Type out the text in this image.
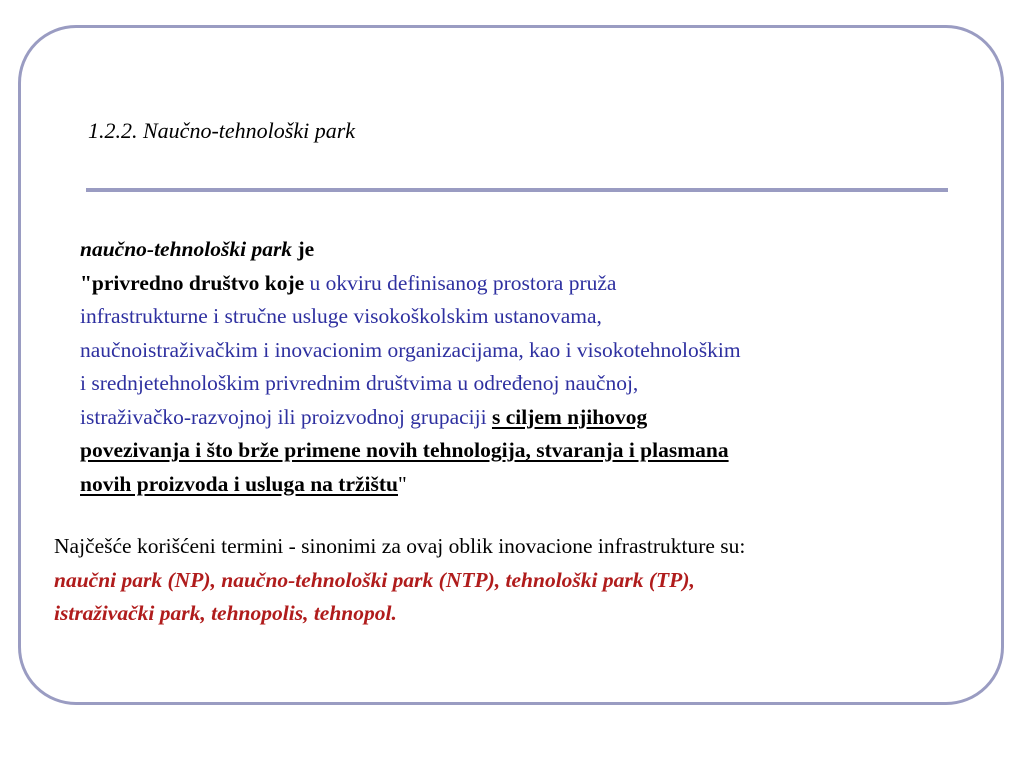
1.2.2. Naučno-tehnološki park
naučno-tehnološki park je
"privredno društvo koje u okviru definisanog prostora pruža
infrastrukturne i stručne usluge visokoškolskim ustanovama,
naučnoistraživačkim i inovacionim organizacijama, kao i visokotehnološkim
i srednjetehnološkim privrednim društvima u određenoj naučnoj,
istraživačko-razvojnoj ili proizvodnoj grupaciji s ciljem njihovog
povezivanja i što brže primene novih tehnologija, stvaranja i plasmana
novih proizvoda i usluga na tržištu"
Najčešće korišćeni termini - sinonimi za ovaj oblik inovacione infrastrukture su:
naučni park (NP), naučno-tehnološki park (NTP), tehnološki park (TP),
istraživački park, tehnopolis, tehnopol.
